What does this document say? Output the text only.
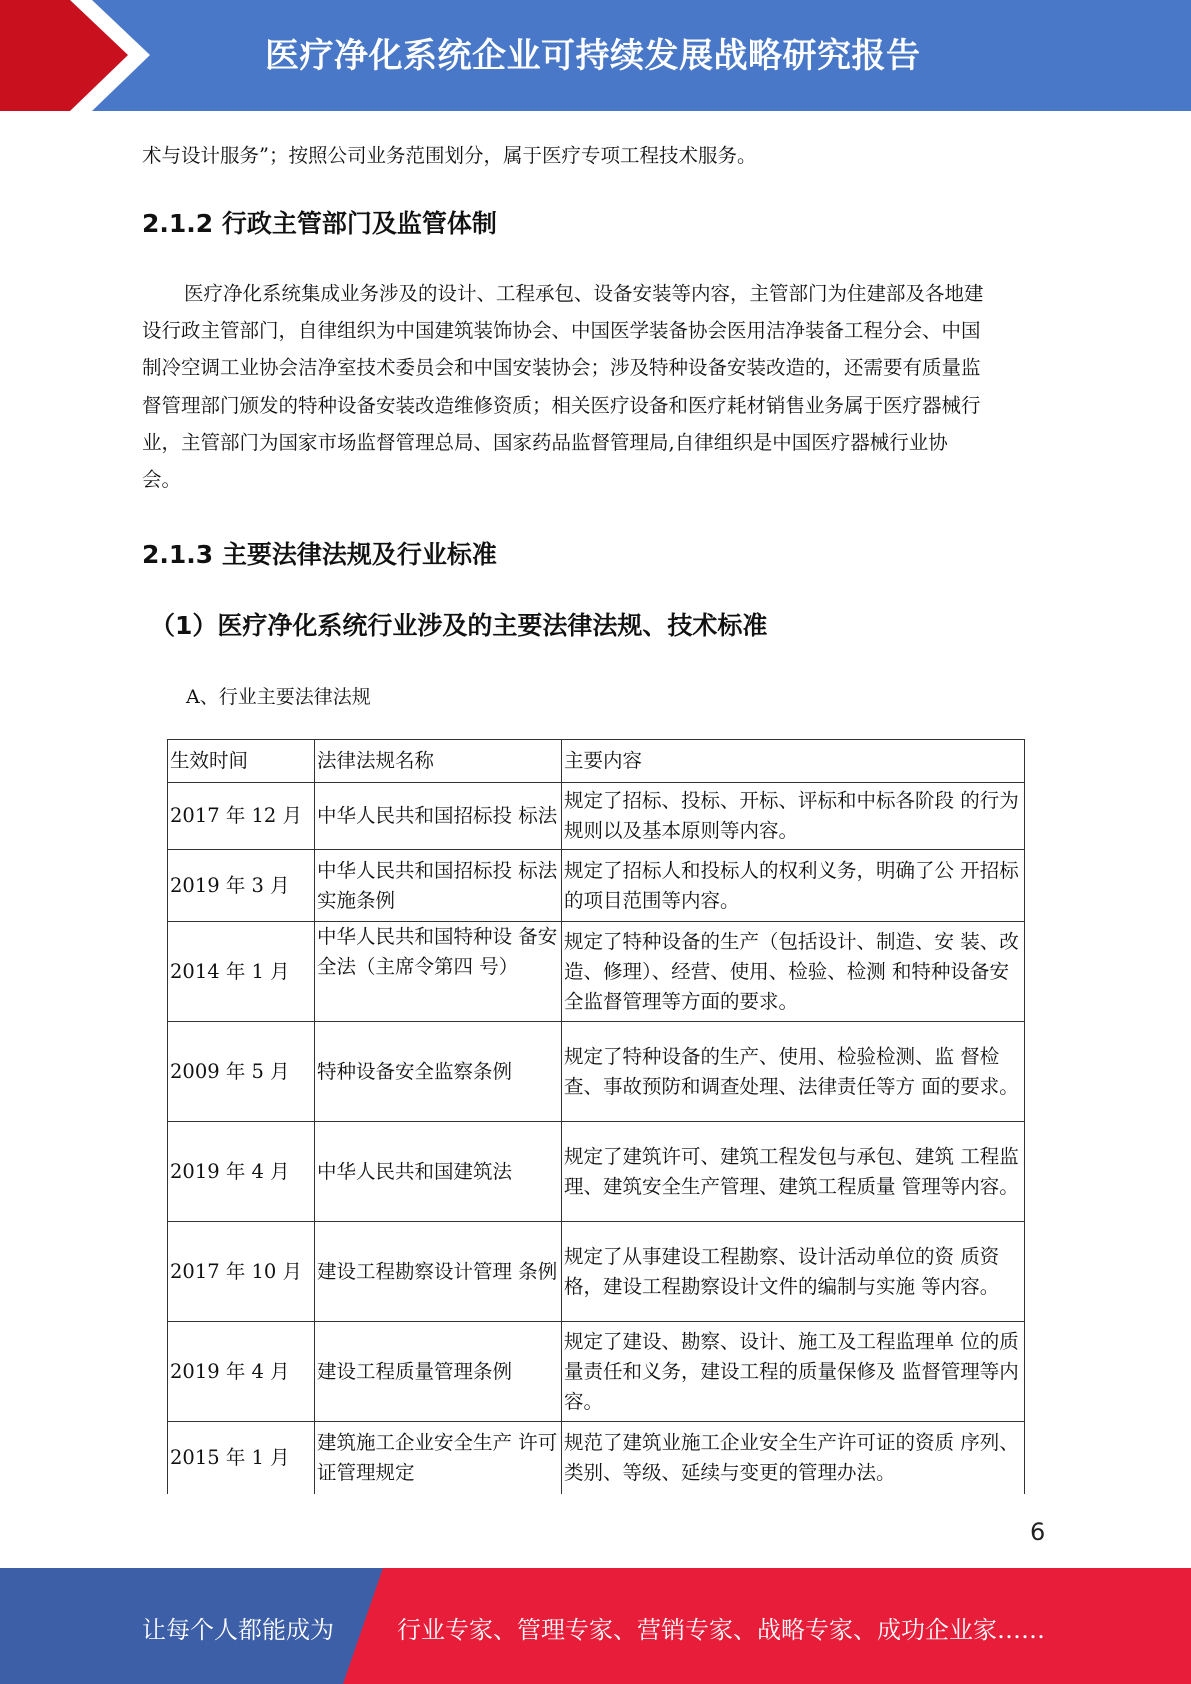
医疗净化系统企业可持续发展战略研究报告
术与设计服务”；按照公司业务范围划分，属于医疗专项工程技术服务。
2.1.2 行政主管部门及监管体制
医疗净化系统集成业务涉及的设计、工程承包、设备安装等内容，主管部门为住建部及各地建
设行政主管部门，自律组织为中国建筑装饰协会、中国医学装备协会医用洁净装备工程分会、中国
制冷空调工业协会洁净室技术委员会和中国安装协会；涉及特种设备安装改造的，还需要有质量监
督管理部门颁发的特种设备安装改造维修资质；相关医疗设备和医疗耗材销售业务属于医疗器械行
业，主管部门为国家市场监督管理总局、国家药品监督管理局,自律组织是中国医疗器械行业协
会。
2.1.3 主要法律法规及行业标准
（1）医疗净化系统行业涉及的主要法律法规、技术标准
A、行业主要法律法规
生效时间	法律法规名称	主要内容
2017 年 12 月	中华人民共和国招标投 标法	规定了招标、投标、开标、评标和中标各阶段 的行为规则以及基本原则等内容。
2019 年 3 月	中华人民共和国招标投 标法实施条例	规定了招标人和投标人的权利义务，明确了公 开招标的项目范围等内容。
2014 年 1 月	中华人民共和国特种设 备安全法（主席令第四 号）	规定了特种设备的生产（包括设计、制造、安 装、改造、修理）、经营、使用、检验、检测 和特种设备安全监督管理等方面的要求。
2009 年 5 月	特种设备安全监察条例	规定了特种设备的生产、使用、检验检测、监 督检查、事故预防和调查处理、法律责任等方 面的要求。
2019 年 4 月	中华人民共和国建筑法	规定了建筑许可、建筑工程发包与承包、建筑 工程监理、建筑安全生产管理、建筑工程质量 管理等内容。
2017 年 10 月	建设工程勘察设计管理 条例	规定了从事建设工程勘察、设计活动单位的资 质资格，建设工程勘察设计文件的编制与实施 等内容。
2019 年 4 月	建设工程质量管理条例	规定了建设、勘察、设计、施工及工程监理单 位的质量责任和义务，建设工程的质量保修及 监督管理等内容。
2015 年 1 月	建筑施工企业安全生产 许可证管理规定	规范了建筑业施工企业安全生产许可证的资质 序列、类别、等级、延续与变更的管理办法。
6
让每个人都能成为	行业专家、管理专家、营销专家、战略专家、成功企业家……
